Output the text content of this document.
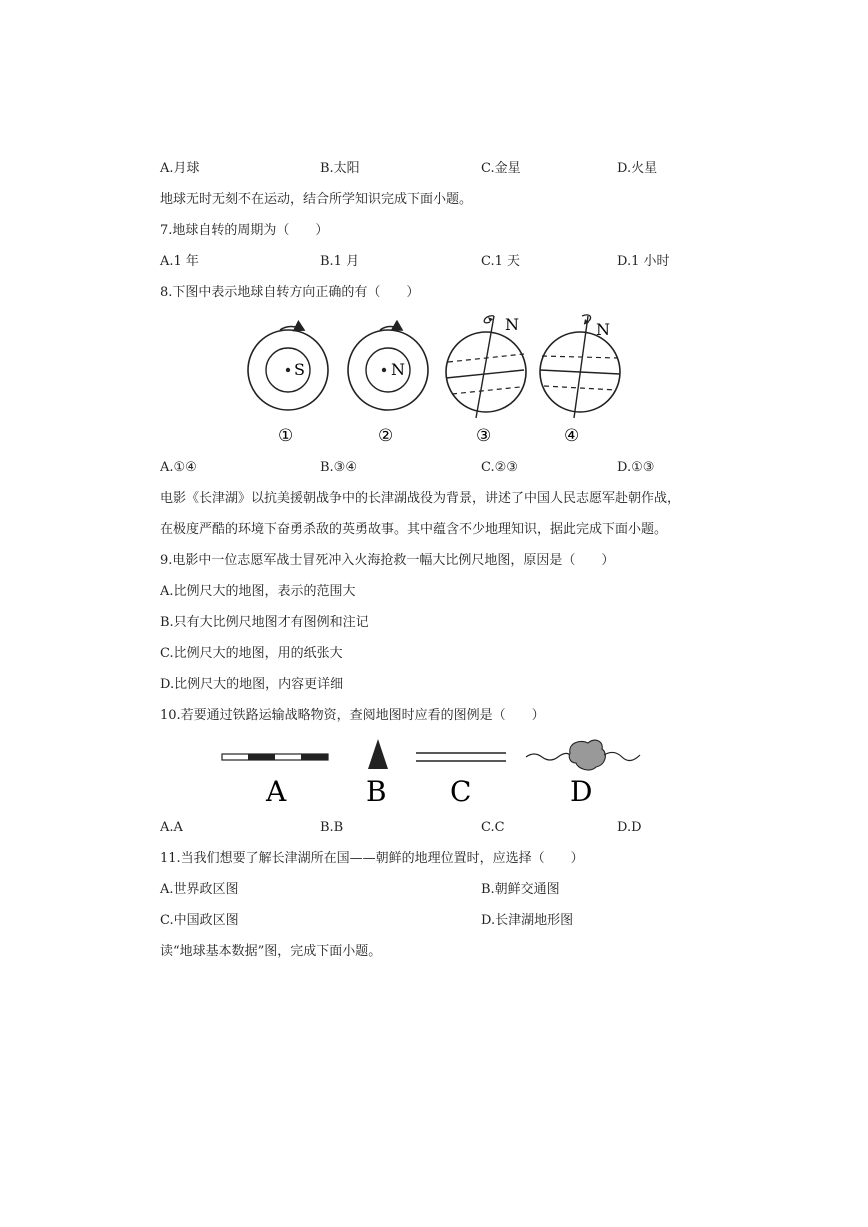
A.月球	B.太阳	C.金星	D.火星
地球无时无刻不在运动，结合所学知识完成下面小题。
7.地球自转的周期为（　　）
A.1 年	B.1 月	C.1 天	D.1 小时
8.下图中表示地球自转方向正确的有（　　）
S
①
N
②
N
③
N
④
A.①④	B.③④	C.②③	D.①③
电影《长津湖》以抗美援朝战争中的长津湖战役为背景，讲述了中国人民志愿军赴朝作战，
在极度严酷的环境下奋勇杀敌的英勇故事。其中蕴含不少地理知识，据此完成下面小题。
9.电影中一位志愿军战士冒死冲入火海抢救一幅大比例尺地图，原因是（　　）
A.比例尺大的地图，表示的范围大
B.只有大比例尺地图才有图例和注记
C.比例尺大的地图，用的纸张大
D.比例尺大的地图，内容更详细
10.若要通过铁路运输战略物资，查阅地图时应看的图例是（　　）
A	B C	D
A.A	B.B	C.C	D.D
11.当我们想要了解长津湖所在国——朝鲜的地理位置时，应选择（　　）
A.世界政区图	B.朝鲜交通图
C.中国政区图	D.长津湖地形图
读“地球基本数据”图，完成下面小题。
